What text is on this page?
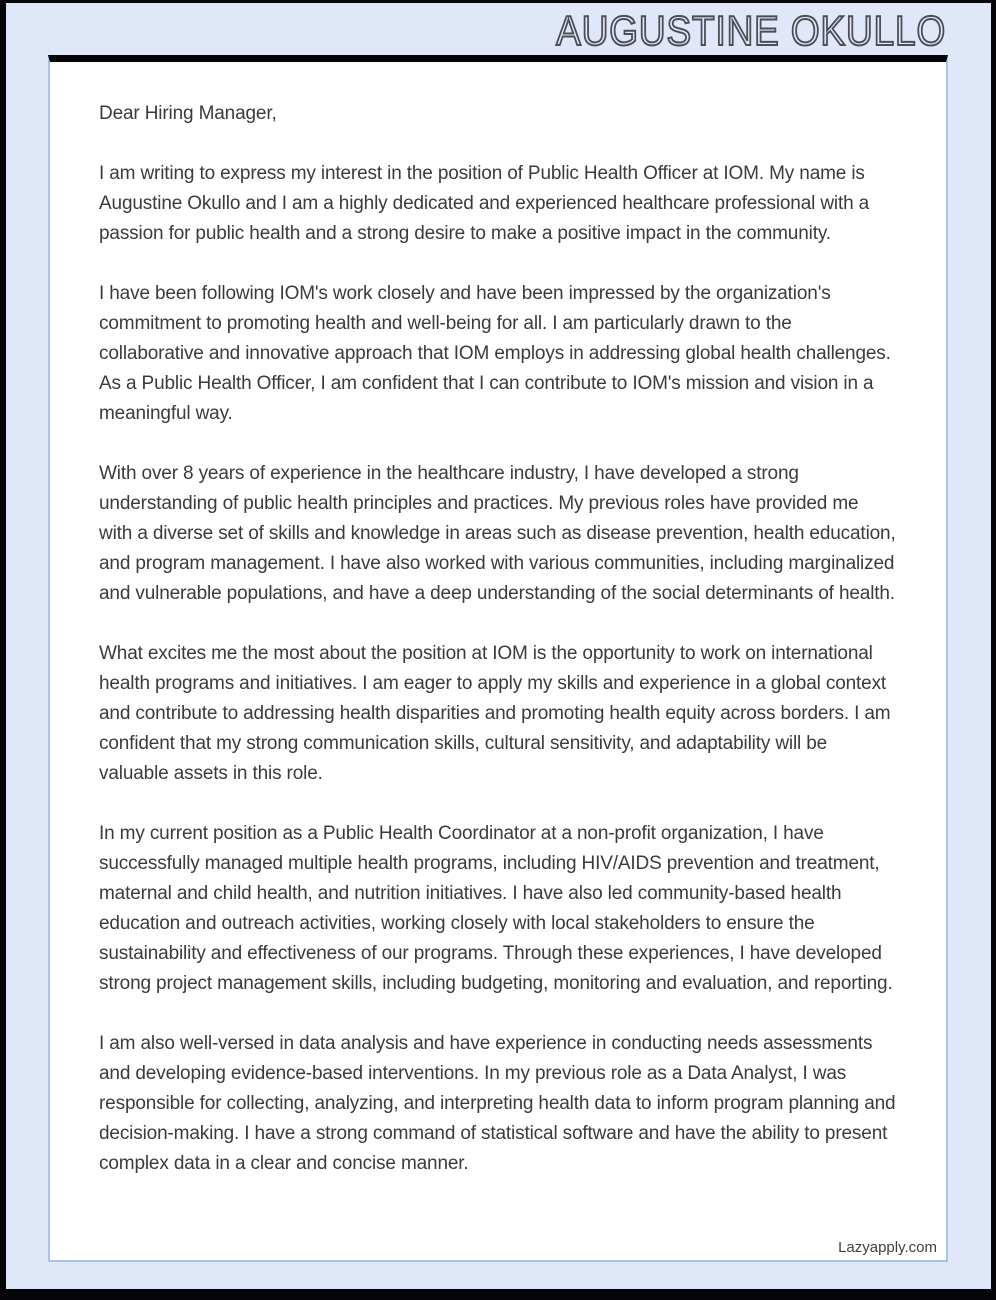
AUGUSTINE OKULLO

Dear Hiring Manager,

I am writing to express my interest in the position of Public Health Officer at IOM. My name is Augustine Okullo and I am a highly dedicated and experienced healthcare professional with a passion for public health and a strong desire to make a positive impact in the community.

I have been following IOM's work closely and have been impressed by the organization's commitment to promoting health and well-being for all. I am particularly drawn to the collaborative and innovative approach that IOM employs in addressing global health challenges. As a Public Health Officer, I am confident that I can contribute to IOM's mission and vision in a meaningful way.

With over 8 years of experience in the healthcare industry, I have developed a strong understanding of public health principles and practices. My previous roles have provided me with a diverse set of skills and knowledge in areas such as disease prevention, health education, and program management. I have also worked with various communities, including marginalized and vulnerable populations, and have a deep understanding of the social determinants of health.

What excites me the most about the position at IOM is the opportunity to work on international health programs and initiatives. I am eager to apply my skills and experience in a global context and contribute to addressing health disparities and promoting health equity across borders. I am confident that my strong communication skills, cultural sensitivity, and adaptability will be valuable assets in this role.

In my current position as a Public Health Coordinator at a non-profit organization, I have successfully managed multiple health programs, including HIV/AIDS prevention and treatment, maternal and child health, and nutrition initiatives. I have also led community-based health education and outreach activities, working closely with local stakeholders to ensure the sustainability and effectiveness of our programs. Through these experiences, I have developed strong project management skills, including budgeting, monitoring and evaluation, and reporting.

I am also well-versed in data analysis and have experience in conducting needs assessments and developing evidence-based interventions. In my previous role as a Data Analyst, I was responsible for collecting, analyzing, and interpreting health data to inform program planning and decision-making. I have a strong command of statistical software and have the ability to present complex data in a clear and concise manner.

Lazyapply.com
